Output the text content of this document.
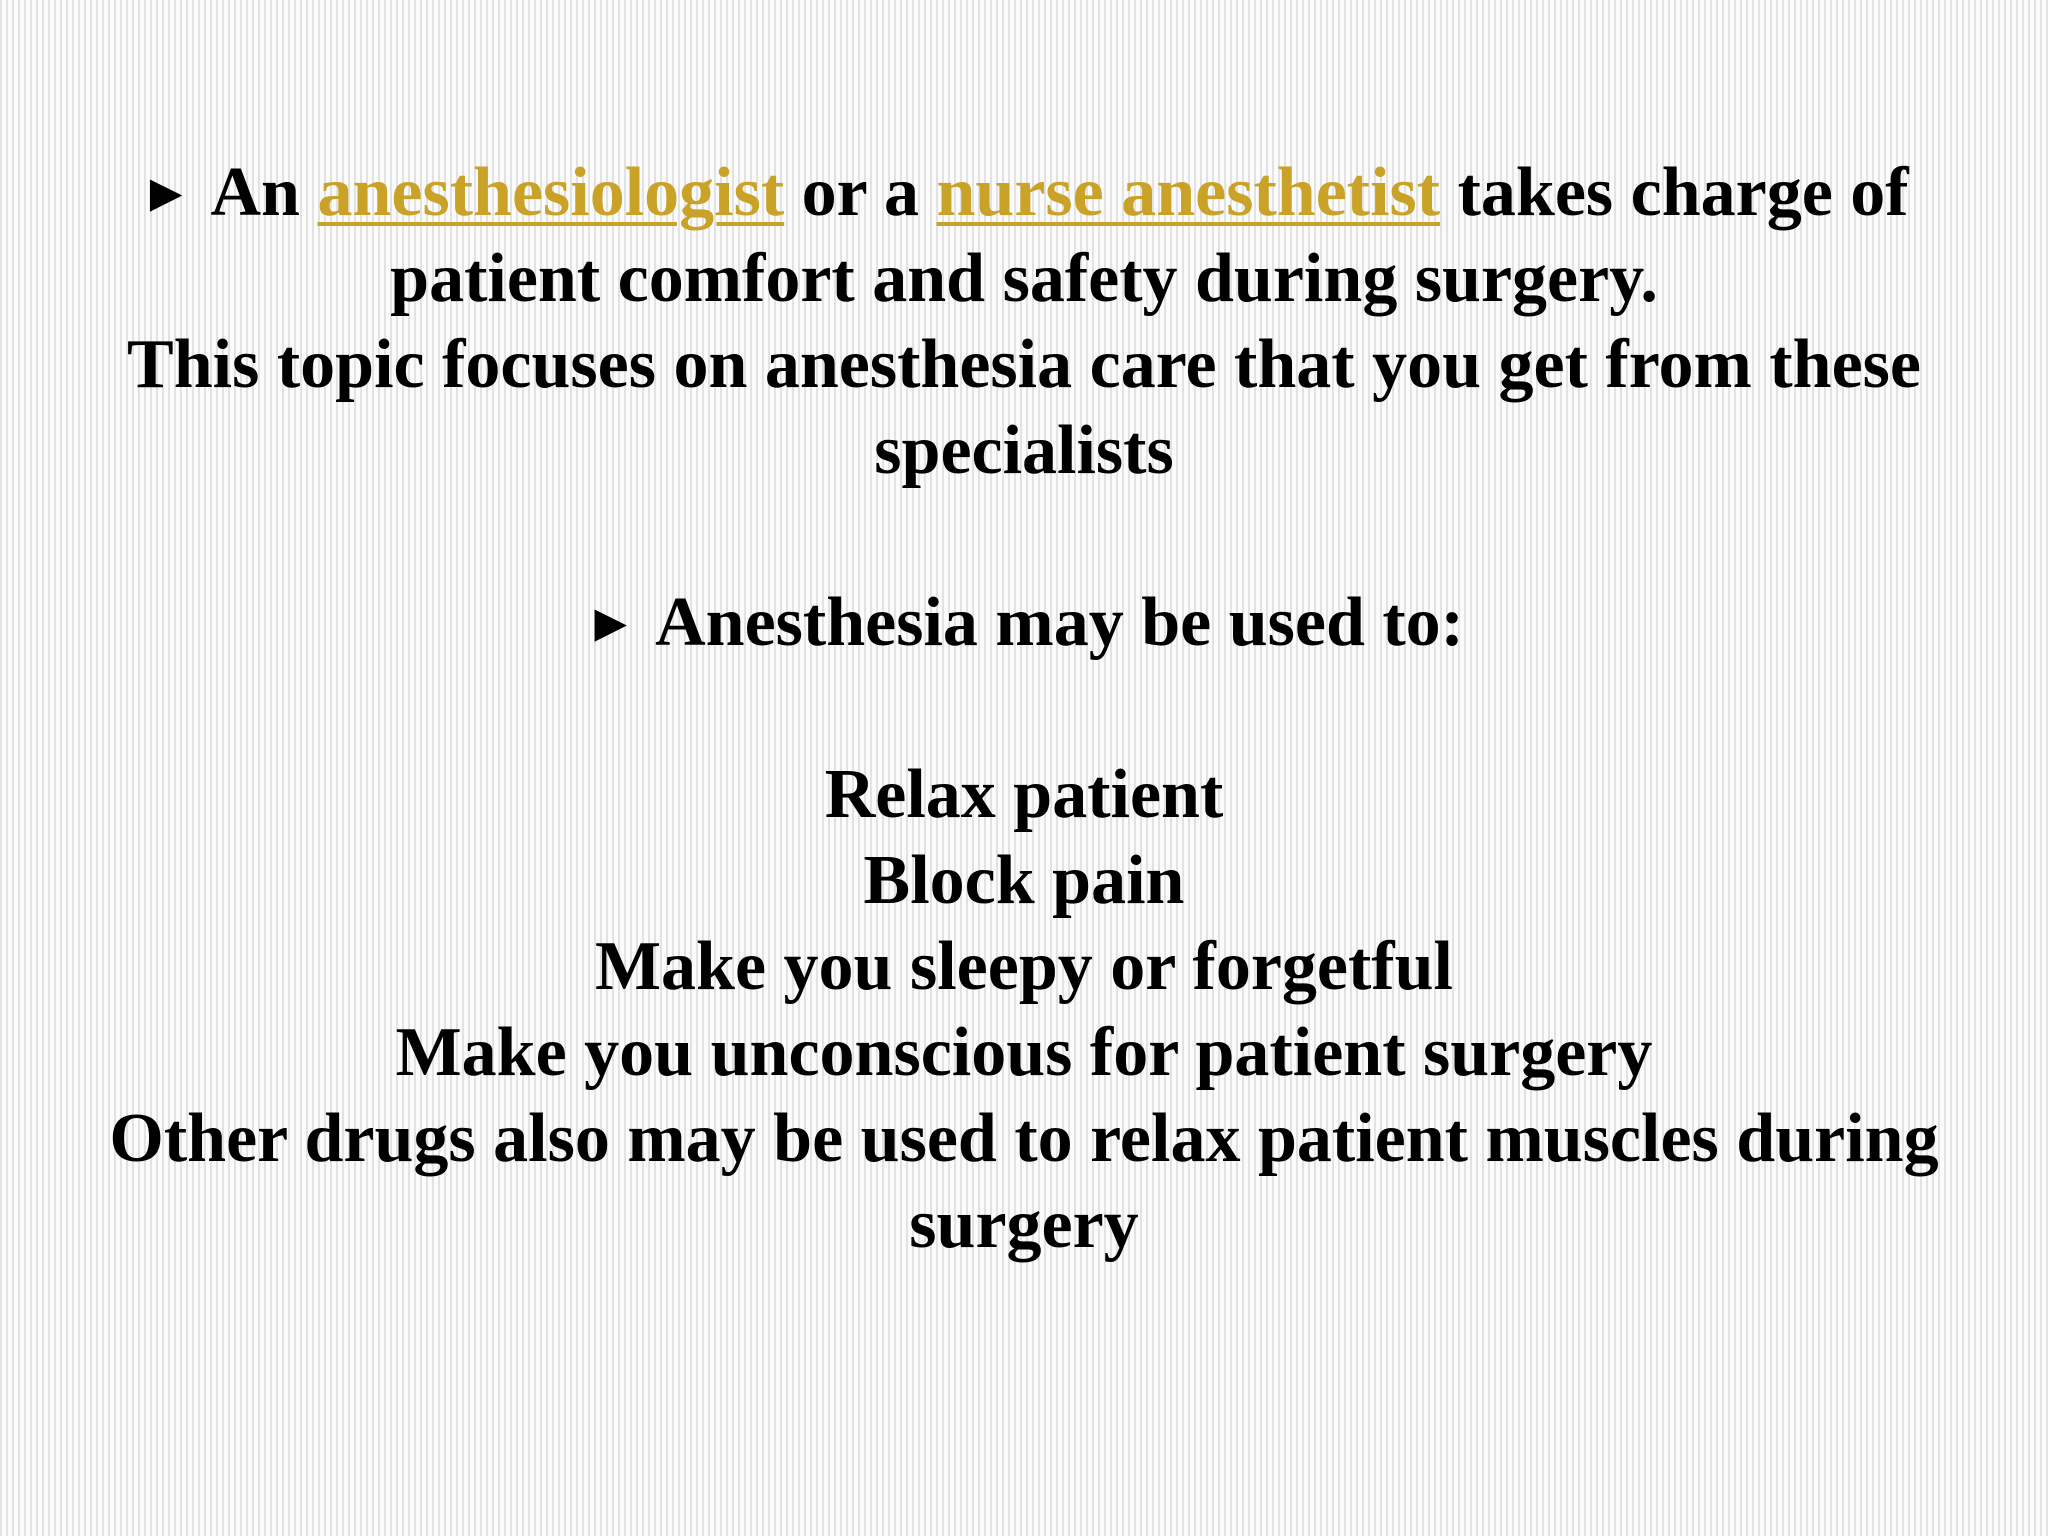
► An anesthesiologist or a nurse anesthetist takes charge of
patient comfort and safety during surgery.
This topic focuses on anesthesia care that you get from these
specialists
► Anesthesia may be used to:
Relax patient
Block pain
Make you sleepy or forgetful
Make you unconscious for patient surgery
Other drugs also may be used to relax patient muscles during
surgery
